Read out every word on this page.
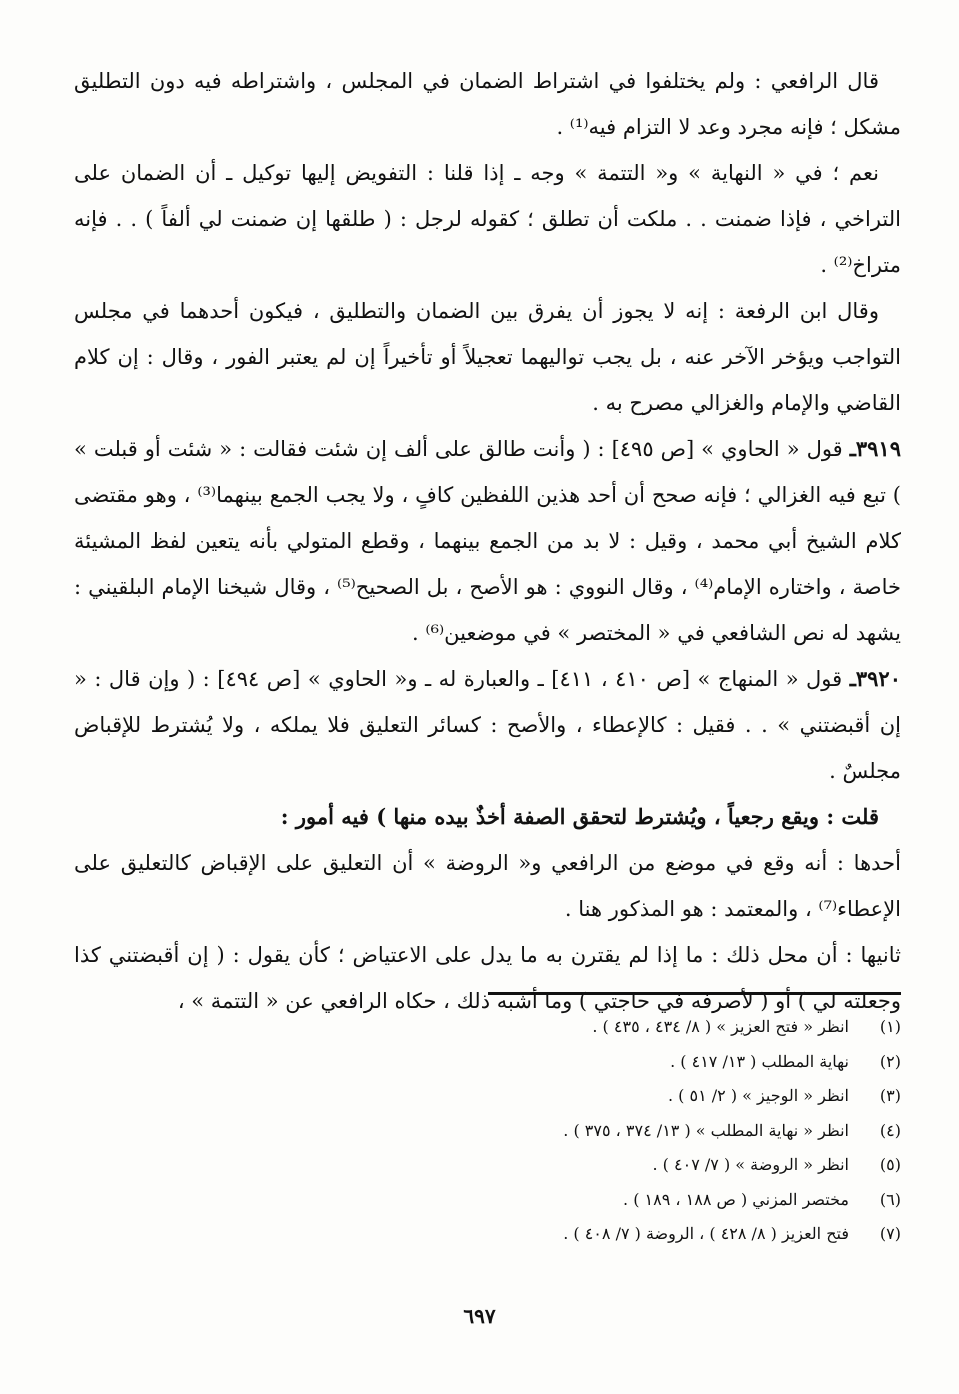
قال الرافعي : ولم يختلفوا في اشتراط الضمان في المجلس ، واشتراطه فيه دون التطليق مشكل ؛ فإنه مجرد وعد لا التزام فيه⁽¹⁾ .

نعم ؛ في « النهاية » و« التتمة » وجه ـ إذا قلنا : التفويض إليها توكيل ـ أن الضمان على التراخي ، فإذا ضمنت . . ملكت أن تطلق ؛ كقوله لرجل : ( طلقها إن ضمنت لي ألفاً ) . . فإنه متراخ⁽²⁾ .

وقال ابن الرفعة : إنه لا يجوز أن يفرق بين الضمان والتطليق ، فيكون أحدهما في مجلس التواجب ويؤخر الآخر عنه ، بل يجب تواليهما تعجيلاً أو تأخيراً إن لم يعتبر الفور ، وقال : إن كلام القاضي والإمام والغزالي مصرح به .

٣٩١٩ـ قول « الحاوي » [ص ٤٩٥] : ( وأنت طالق على ألف إن شئت فقالت : « شئت أو قبلت » ) تبع فيه الغزالي ؛ فإنه صحح أن أحد هذين اللفظين كافٍ ، ولا يجب الجمع بينهما⁽³⁾ ، وهو مقتضى كلام الشيخ أبي محمد ، وقيل : لا بد من الجمع بينهما ، وقطع المتولي بأنه يتعين لفظ المشيئة خاصة ، واختاره الإمام⁽⁴⁾ ، وقال النووي : هو الأصح ، بل الصحيح⁽⁵⁾ ، وقال شيخنا الإمام البلقيني : يشهد له نص الشافعي في « المختصر » في موضعين⁽⁶⁾ .

٣٩٢٠ـ قول « المنهاج » [ص ٤١٠ ، ٤١١] ـ والعبارة له ـ و« الحاوي » [ص ٤٩٤] : ( وإن قال : « إن أقبضتني » . . فقيل : كالإعطاء ، والأصح : كسائر التعليق فلا يملكه ، ولا يُشترط للإقباض مجلسٌ .

قلت : ويقع رجعياً ، ويُشترط لتحقق الصفة أخذٌ بيده منها ) فيه أمور :

أحدها : أنه وقع في موضع من الرافعي و« الروضة » أن التعليق على الإقباض كالتعليق على الإعطاء⁽⁷⁾ ، والمعتمد : هو المذكور هنا .

ثانيها : أن محل ذلك : ما إذا لم يقترن به ما يدل على الاعتياض ؛ كأن يقول : ( إن أقبضتني كذا وجعلته لي ) أو ( لأصرفه في حاجتي ) وما أشبه ذلك ، حكاه الرافعي عن « التتمة » ،

(١)
انظر « فتح العزيز » ( ٨/ ٤٣٤ ، ٤٣٥ ) .
(٢)
نهاية المطلب ( ١٣/ ٤١٧ ) .
(٣)
انظر « الوجيز » ( ٢/ ٥١ ) .
(٤)
انظر « نهاية المطلب » ( ١٣/ ٣٧٤ ، ٣٧٥ ) .
(٥)
انظر « الروضة » ( ٧/ ٤٠٧ ) .
(٦)
مختصر المزني ( ص ١٨٨ ، ١٨٩ ) .
(٧)
فتح العزيز ( ٨/ ٤٢٨ ) ، الروضة ( ٧/ ٤٠٨ ) .
٦٩٧
